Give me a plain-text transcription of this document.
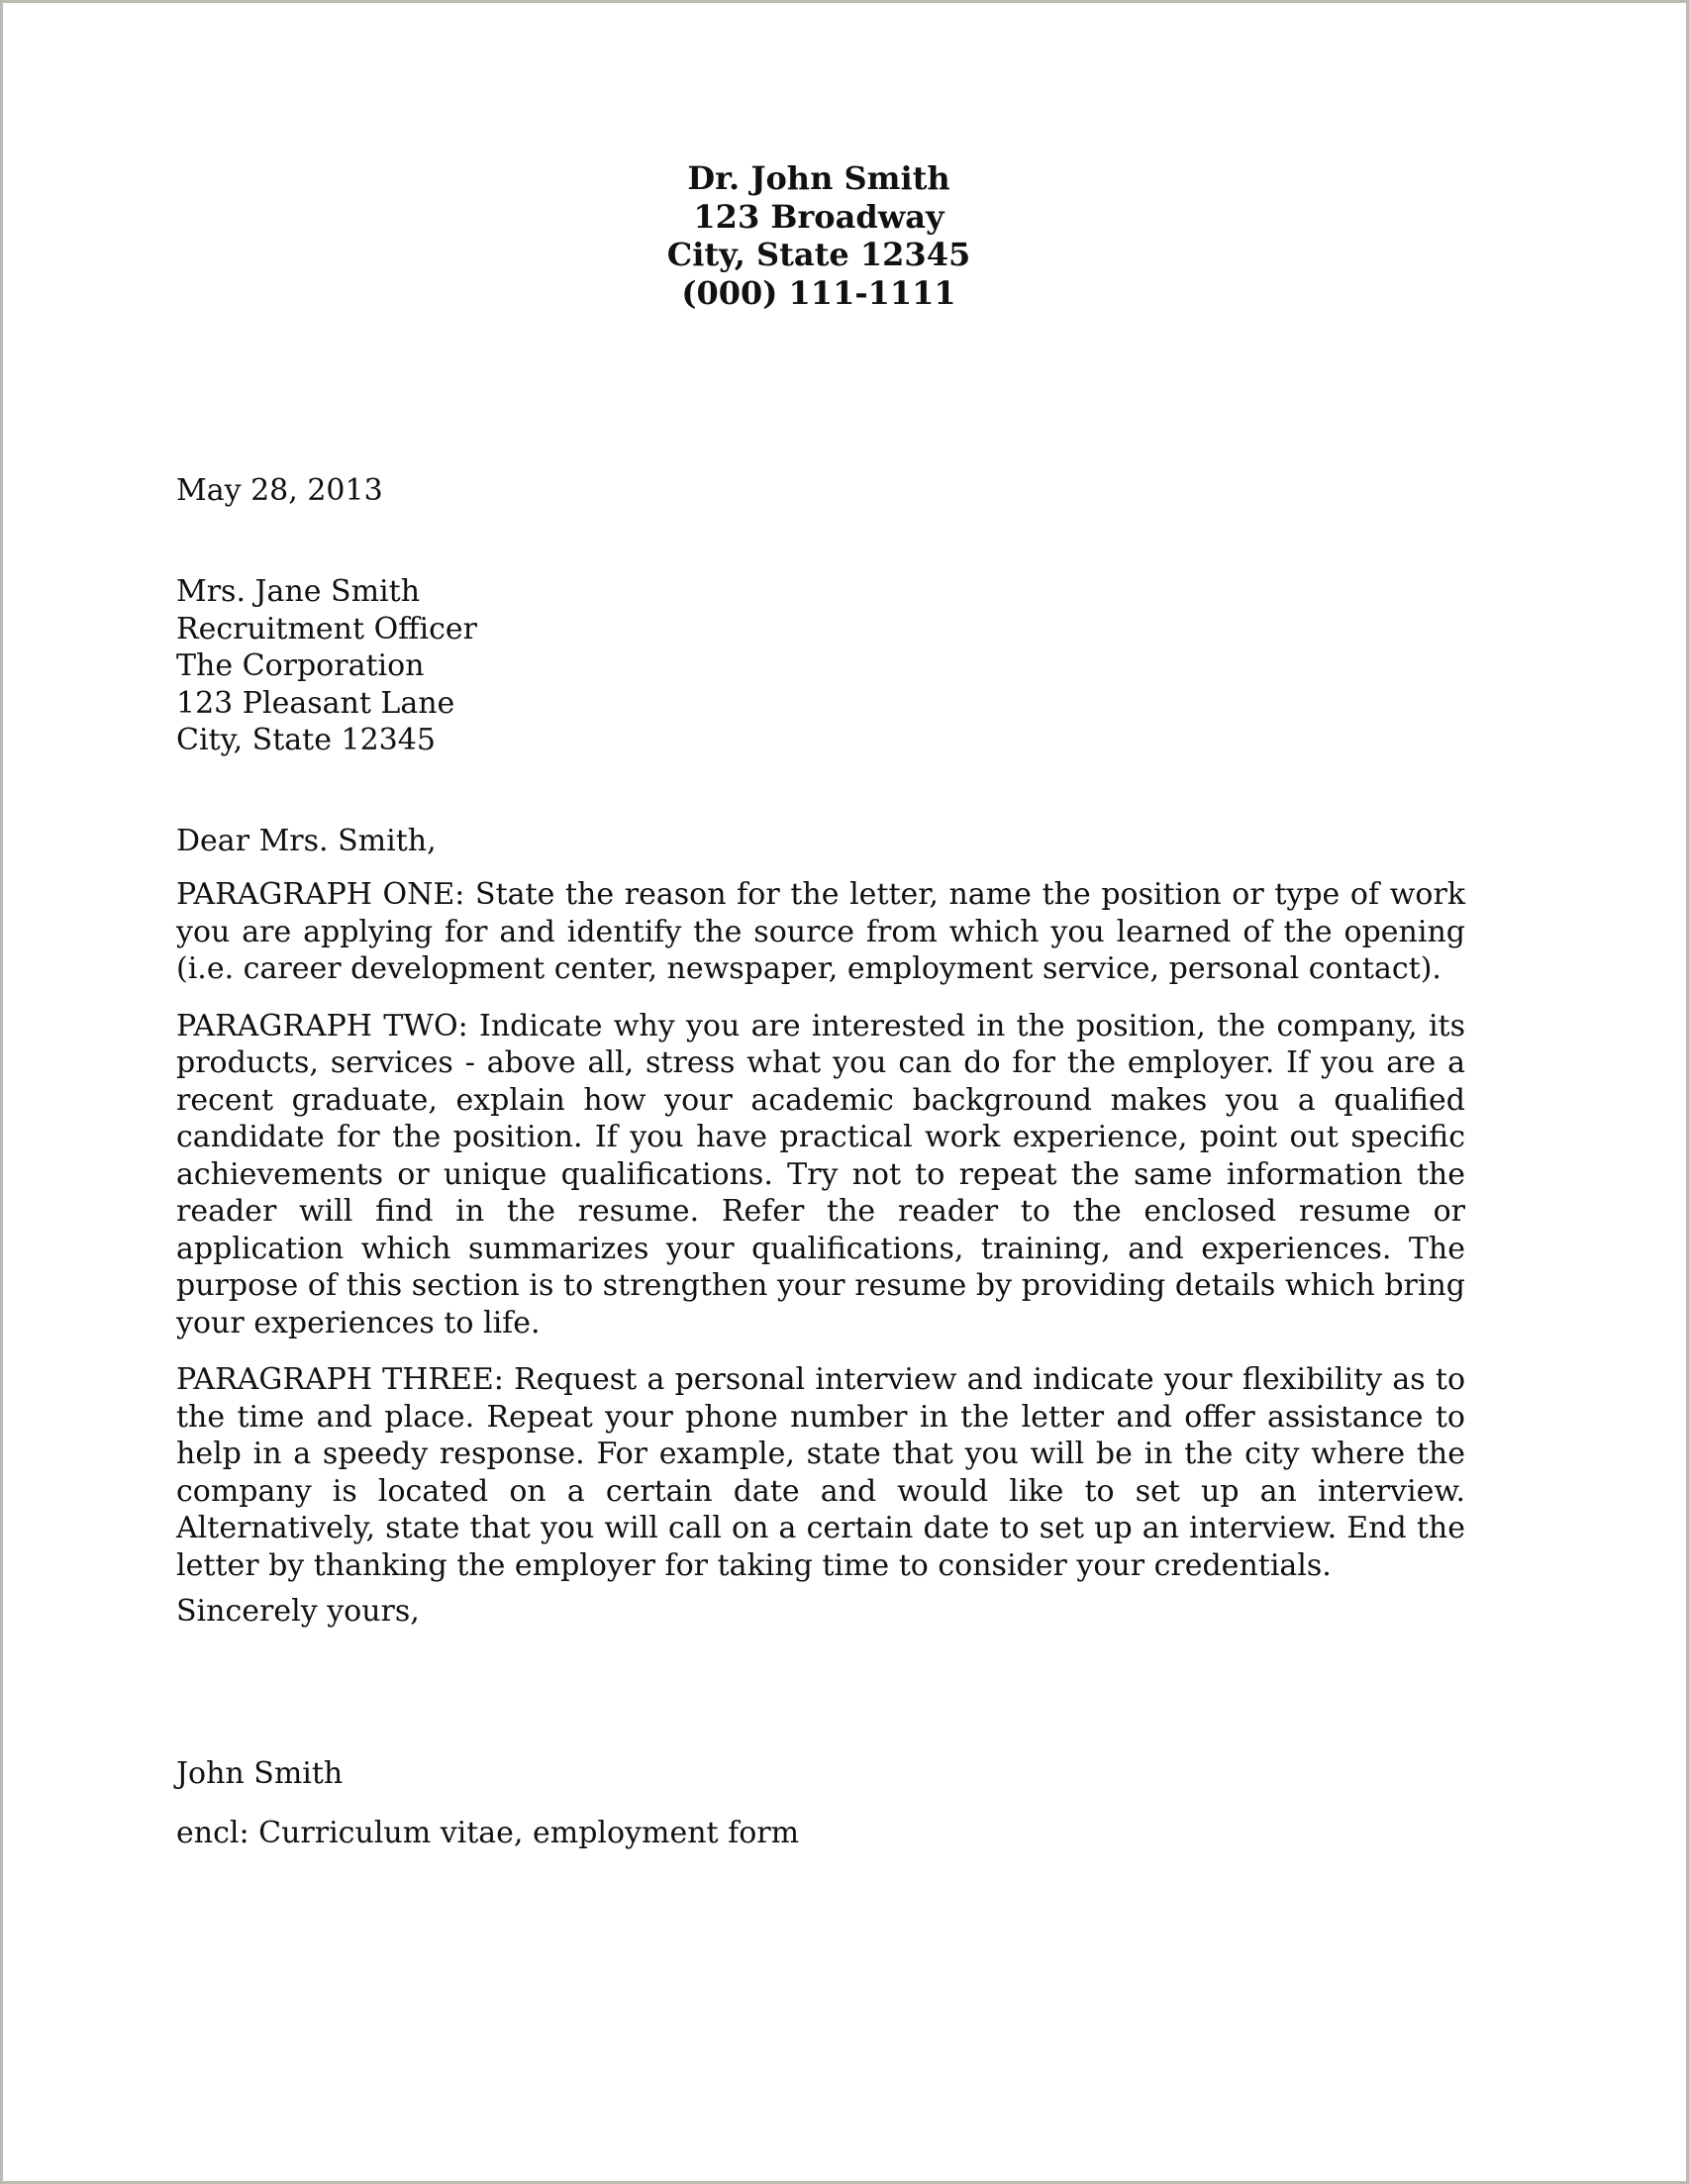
Dr. John Smith
123 Broadway
City, State 12345
(000) 111-1111
May 28, 2013
Mrs. Jane Smith
Recruitment Officer
The Corporation
123 Pleasant Lane
City, State 12345
Dear Mrs. Smith,

PARAGRAPH ONE: State the reason for the letter, name the position or type of work you are applying for and identify the source from which you learned of the opening (i.e. career development center, newspaper, employment service, personal contact).

PARAGRAPH TWO: Indicate why you are interested in the position, the company, its products, services - above all, stress what you can do for the employer. If you are a recent graduate, explain how your academic background makes you a qualified candidate for the position. If you have practical work experience, point out specific achievements or unique qualifications. Try not to repeat the same information the reader will find in the resume. Refer the reader to the enclosed resume or application which summarizes your qualifications, training, and experiences. The purpose of this section is to strengthen your resume by providing details which bring your experiences to life.

PARAGRAPH THREE: Request a personal interview and indicate your flexibility as to the time and place. Repeat your phone number in the letter and offer assistance to help in a speedy response. For example, state that you will be in the city where the company is located on a certain date and would like to set up an interview. Alternatively, state that you will call on a certain date to set up an interview. End the letter by thanking the employer for taking time to consider your credentials.

Sincerely yours,
John Smith
encl: Curriculum vitae, employment form
